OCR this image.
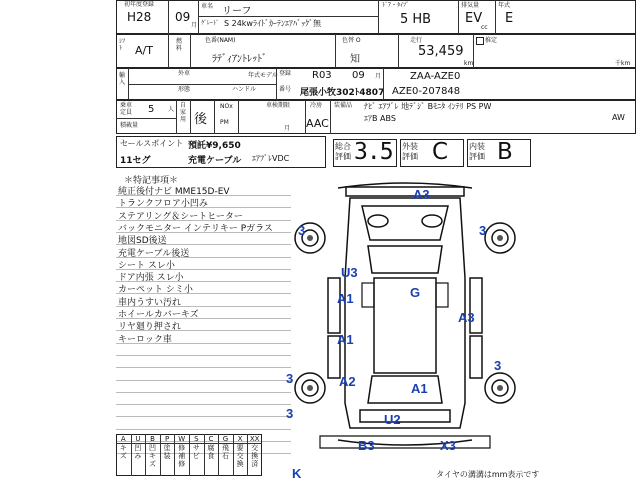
初年度登録
H28 09
月
車名 リーフ
ｸﾞﾚｰﾄﾞ S 24kwﾗｲﾄﾞｶｰﾃﾝｴｱﾊﾞｯｸﾞ無
ﾄﾞｱ・ﾀｲﾌﾟ
5 HB
排気量
EV
cc
年式
E
ｼﾌﾄ A/T
燃料
色番(NAM)
ﾗﾃﾞｨｱﾝﾄﾚｯﾄﾞ
色替 O
知
走行
53,459
km
推定
千km
輸入
外車	年式モデル
形態	ハンドル
登録 R03 09 月
番号 尾張小牧302ﾄ4807
ZAA-AZE0
AZE0-207848
乗車定員	5 人
積載量
自家用 後
NOx
PM
車検期限
月
冷房
AAC
装備品 ﾅﾋﾞ ｴｱﾌﾞﾚ 地ﾃﾞｼﾞ Bﾓﾆﾀ ｲﾝﾃﾘ PS PW
ｴｱB ABS	AW
セールスポイント 預託¥9,650
11セグ	充電ケーブル ｴｱﾌﾞﾚVDC
総合
評価 3.5 外装
評価 C	内装
評価 B
＊特記事項＊
純正後付ナビ MME15D-EV
トランクフロア小凹み
ステアリング＆シートヒーター
バックモニター インテリキー Pガラス
地図SD後送
充電ケーブル後送
シート スレ小
ドア内張 スレ小
カーペット シミ小
車内うすい汚れ
ホイールカバーキズ
リヤ廻り押され
キーロック車
A3
3	3
U3
G
A1
A3
A1
A2	A1
3
3
3	U2
B3	X3
K
A
キズ
U
凹み
B
凹キズ
P
塗装
W
修補修
S
サビ
C
腐食
G
飛石
X
要交換
XX
交換済
タイヤの溝溝はmm表示です
